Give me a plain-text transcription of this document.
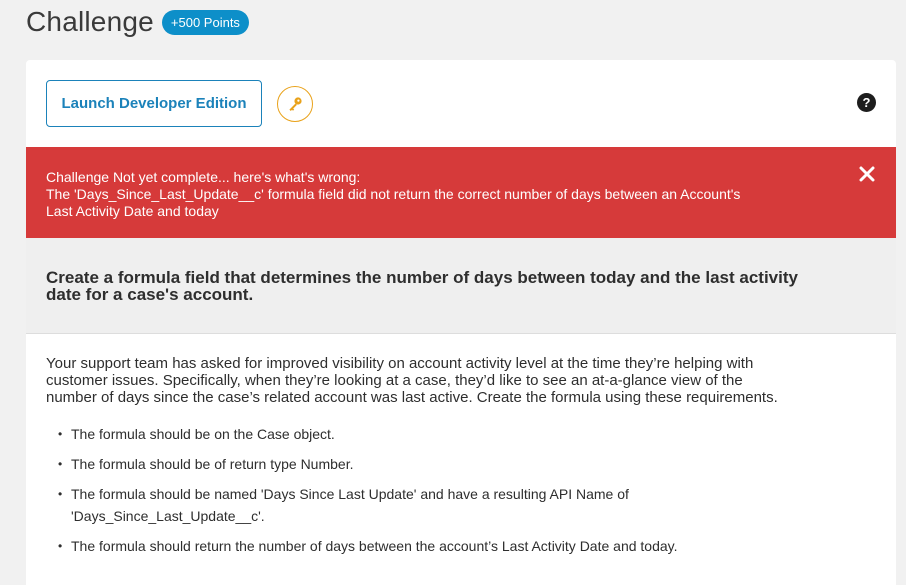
Challenge	+500 Points
Launch Developer Edition	?
Challenge Not yet complete... here's what's wrong:
The 'Days_Since_Last_Update__c' formula field did not return the correct number of days between an Account's
Last Activity Date and today
Create a formula field that determines the number of days between today and the last activity
date for a case's account.

Your support team has asked for improved visibility on account activity level at the time they’re helping with
customer issues. Specifically, when they’re looking at a case, they’d like to see an at-a-glance view of the
number of days since the case’s related account was last active. Create the formula using these requirements.

• The formula should be on the Case object.
• The formula should be of return type Number.
• The formula should be named 'Days Since Last Update' and have a resulting API Name of
'Days_Since_Last_Update__c'.
• The formula should return the number of days between the account’s Last Activity Date and today.
